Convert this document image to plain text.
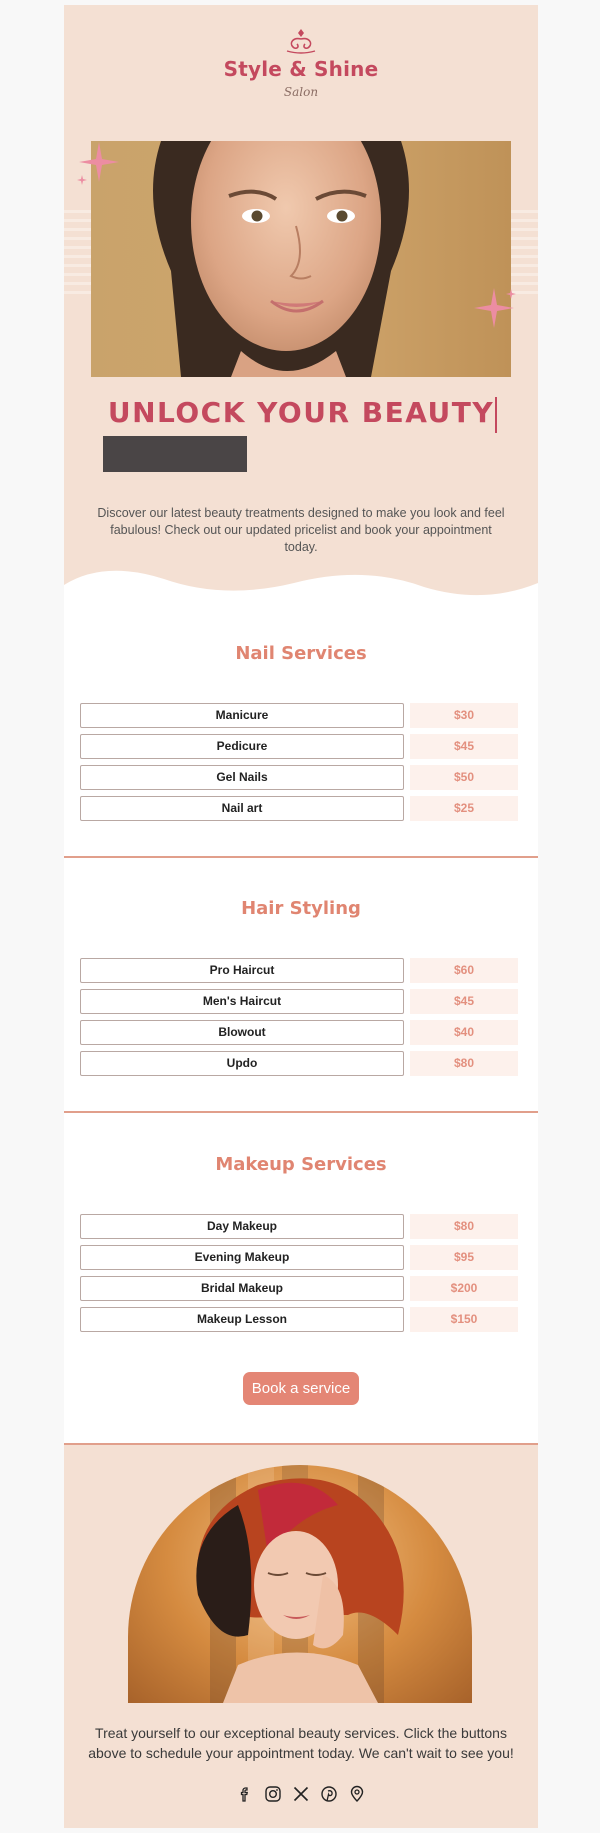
Style & Shine
Salon
UNLOCK YOUR BEAUTY
Discover our latest beauty treatments designed to make you look and feel fabulous! Check out our updated pricelist and book your appointment today.
Nail Services
Manicure	$30
Pedicure	$45
Gel Nails	$50
Nail art	$25
Hair Styling
Pro Haircut	$60
Men's Haircut	$45
Blowout	$40
Updo	$80
Makeup Services
Day Makeup	$80
Evening Makeup	$95
Bridal Makeup	$200
Makeup Lesson	$150
Book a service
Treat yourself to our exceptional beauty services. Click the buttons above to schedule your appointment today. We can't wait to see you!
